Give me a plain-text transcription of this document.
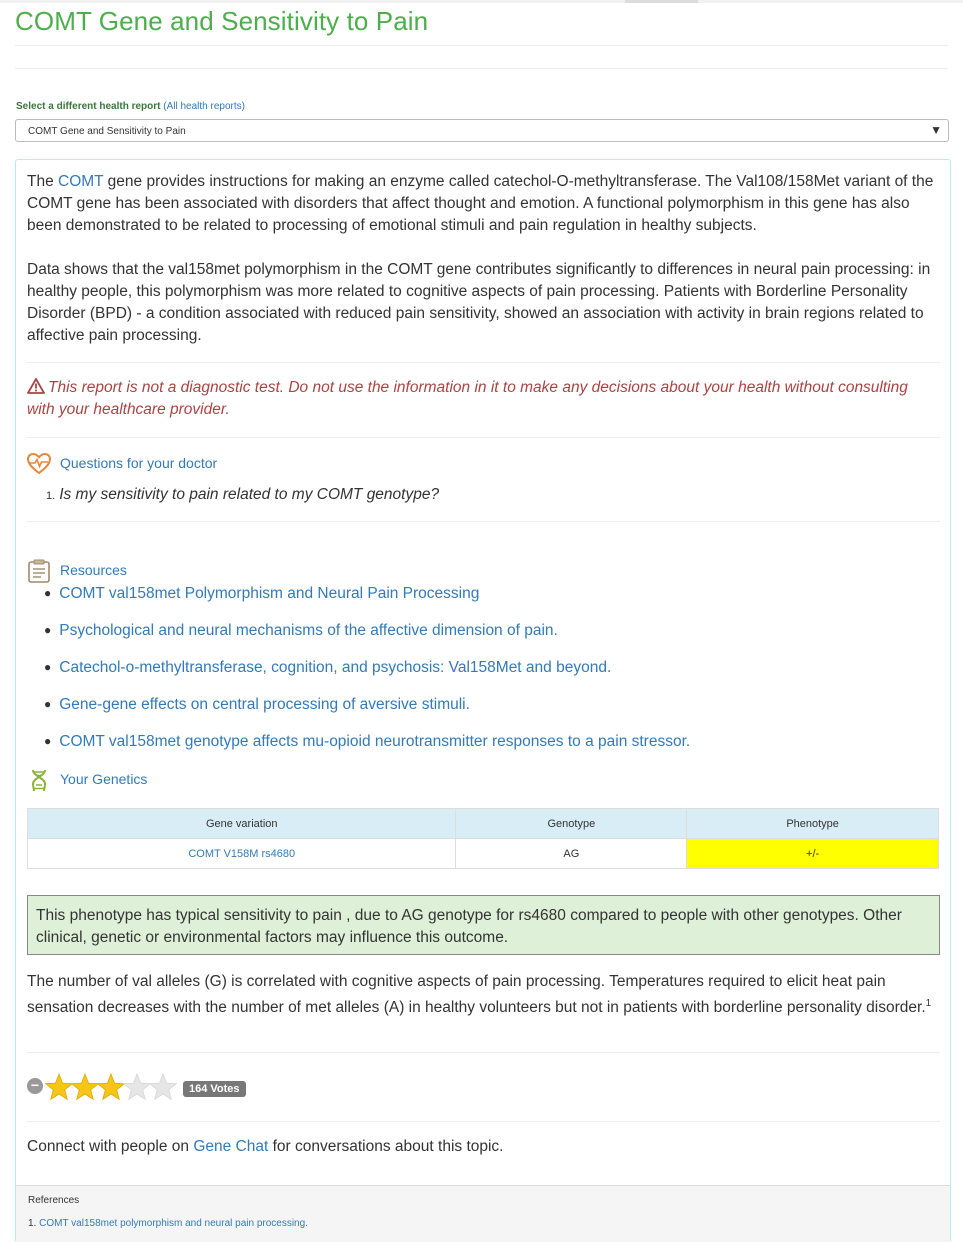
COMT Gene and Sensitivity to Pain
Select a different health report (All health reports)
COMT Gene and Sensitivity to Pain	▼
The COMT gene provides instructions for making an enzyme called catechol-O-methyltransferase. The Val108/158Met variant of the COMT gene has been associated with disorders that affect thought and emotion. A functional polymorphism in this gene has also been demonstrated to be related to processing of emotional stimuli and pain regulation in healthy subjects.
Data shows that the val158met polymorphism in the COMT gene contributes significantly to differences in neural pain processing: in healthy people, this polymorphism was more related to cognitive aspects of pain processing. Patients with Borderline Personality Disorder (BPD) - a condition associated with reduced pain sensitivity, showed an association with activity in brain regions related to affective pain processing.
This report is not a diagnostic test. Do not use the information in it to make any decisions about your health without consulting with your healthcare provider.
Questions for your doctor
1. Is my sensitivity to pain related to my COMT genotype?
Resources
● COMT val158met Polymorphism and Neural Pain Processing
● Psychological and neural mechanisms of the affective dimension of pain.
● Catechol-o-methyltransferase, cognition, and psychosis: Val158Met and beyond.
● Gene-gene effects on central processing of aversive stimuli.
● COMT val158met genotype affects mu-opioid neurotransmitter responses to a pain stressor.
Your Genetics
Gene variation	Genotype	Phenotype
COMT V158M rs4680	AG	+/-
This phenotype has typical sensitivity to pain , due to AG genotype for rs4680 compared to people with other genotypes. Other clinical, genetic or environmental factors may influence this outcome.
The number of val alleles (G) is correlated with cognitive aspects of pain processing. Temperatures required to elicit heat pain sensation decreases with the number of met alleles (A) in healthy volunteers but not in patients with borderline personality disorder.$^1$
−	164 Votes
Connect with people on Gene Chat for conversations about this topic.
References
1. COMT val158met polymorphism and neural pain processing.
